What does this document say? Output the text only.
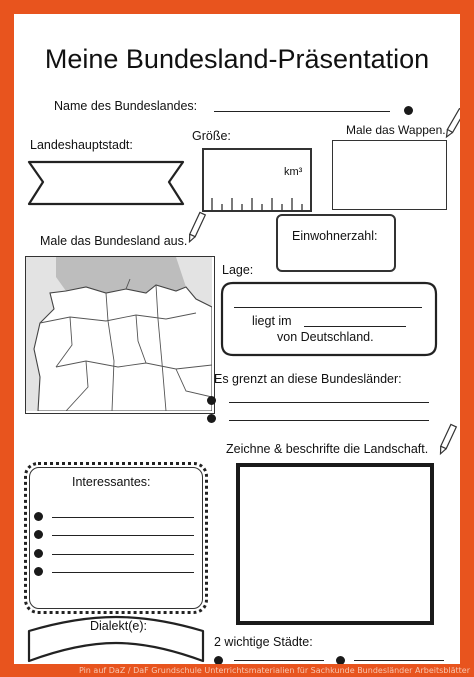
Meine Bundesland-Präsentation
Name des Bundeslandes:
Landeshauptstadt:
Größe:
km³
Male das Wappen.
Einwohnerzahl:
Male das Bundesland aus.
Lage:
liegt im
von Deutschland.
Es grenzt an diese Bundesländer:
Zeichne & beschrifte die Landschaft.
Interessantes:
Dialekt(e):
2 wichtige Städte:
Pin auf DaZ / DaF Grundschule Unterrichtsmaterialien für Sachkunde Bundesländer Arbeitsblätter
